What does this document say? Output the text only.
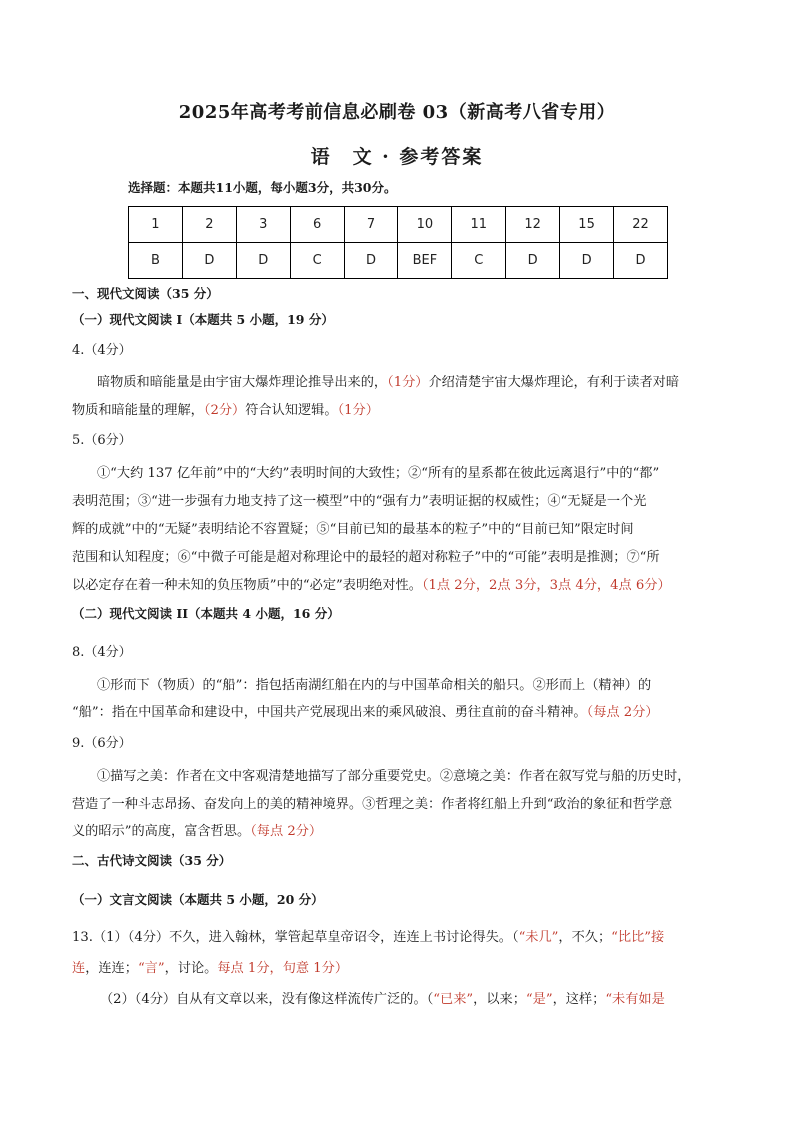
2025年高考考前信息必刷卷 03（新高考八省专用）
语　文 · 参考答案
选择题：本题共11小题，每小题3分，共30分。
1	2	3	6	7	10	11	12	15	22
B	D	D	C	D	BEF	C	D	D	D
一、现代文阅读（35 分）
（一）现代文阅读 I（本题共 5 小题，19 分）
4.（4分）
暗物质和暗能量是由宇宙大爆炸理论推导出来的，（1分）介绍清楚宇宙大爆炸理论，有利于读者对暗
物质和暗能量的理解，（2分）符合认知逻辑。（1分）
5.（6分）
①“大约 137 亿年前”中的“大约”表明时间的大致性；②“所有的星系都在彼此远离退行”中的“都”
表明范围；③“进一步强有力地支持了这一模型”中的“强有力”表明证据的权威性；④“无疑是一个光
辉的成就”中的“无疑”表明结论不容置疑；⑤“目前已知的最基本的粒子”中的“目前已知”限定时间
范围和认知程度；⑥“中微子可能是超对称理论中的最轻的超对称粒子”中的“可能”表明是推测；⑦“所
以必定存在着一种未知的负压物质”中的“必定”表明绝对性。（1点 2分，2点 3分，3点 4分，4点 6分）
（二）现代文阅读 II（本题共 4 小题，16 分）
8.（4分）
①形而下（物质）的“船”：指包括南湖红船在内的与中国革命相关的船只。②形而上（精神）的
“船”：指在中国革命和建设中，中国共产党展现出来的乘风破浪、勇往直前的奋斗精神。（每点 2分）
9.（6分）
①描写之美：作者在文中客观清楚地描写了部分重要党史。②意境之美：作者在叙写党与船的历史时，
营造了一种斗志昂扬、奋发向上的美的精神境界。③哲理之美：作者将红船上升到“政治的象征和哲学意
义的昭示”的高度，富含哲思。（每点 2分）
二、古代诗文阅读（35 分）
（一）文言文阅读（本题共 5 小题，20 分）
13.（1）（4分）不久，进入翰林，掌管起草皇帝诏令，连连上书讨论得失。（“未几”，不久；“比比”接
连，连连；“言”，讨论。每点 1分，句意 1分）
（2）（4分）自从有文章以来，没有像这样流传广泛的。（“已来”，以来；“是”，这样；“未有如是
